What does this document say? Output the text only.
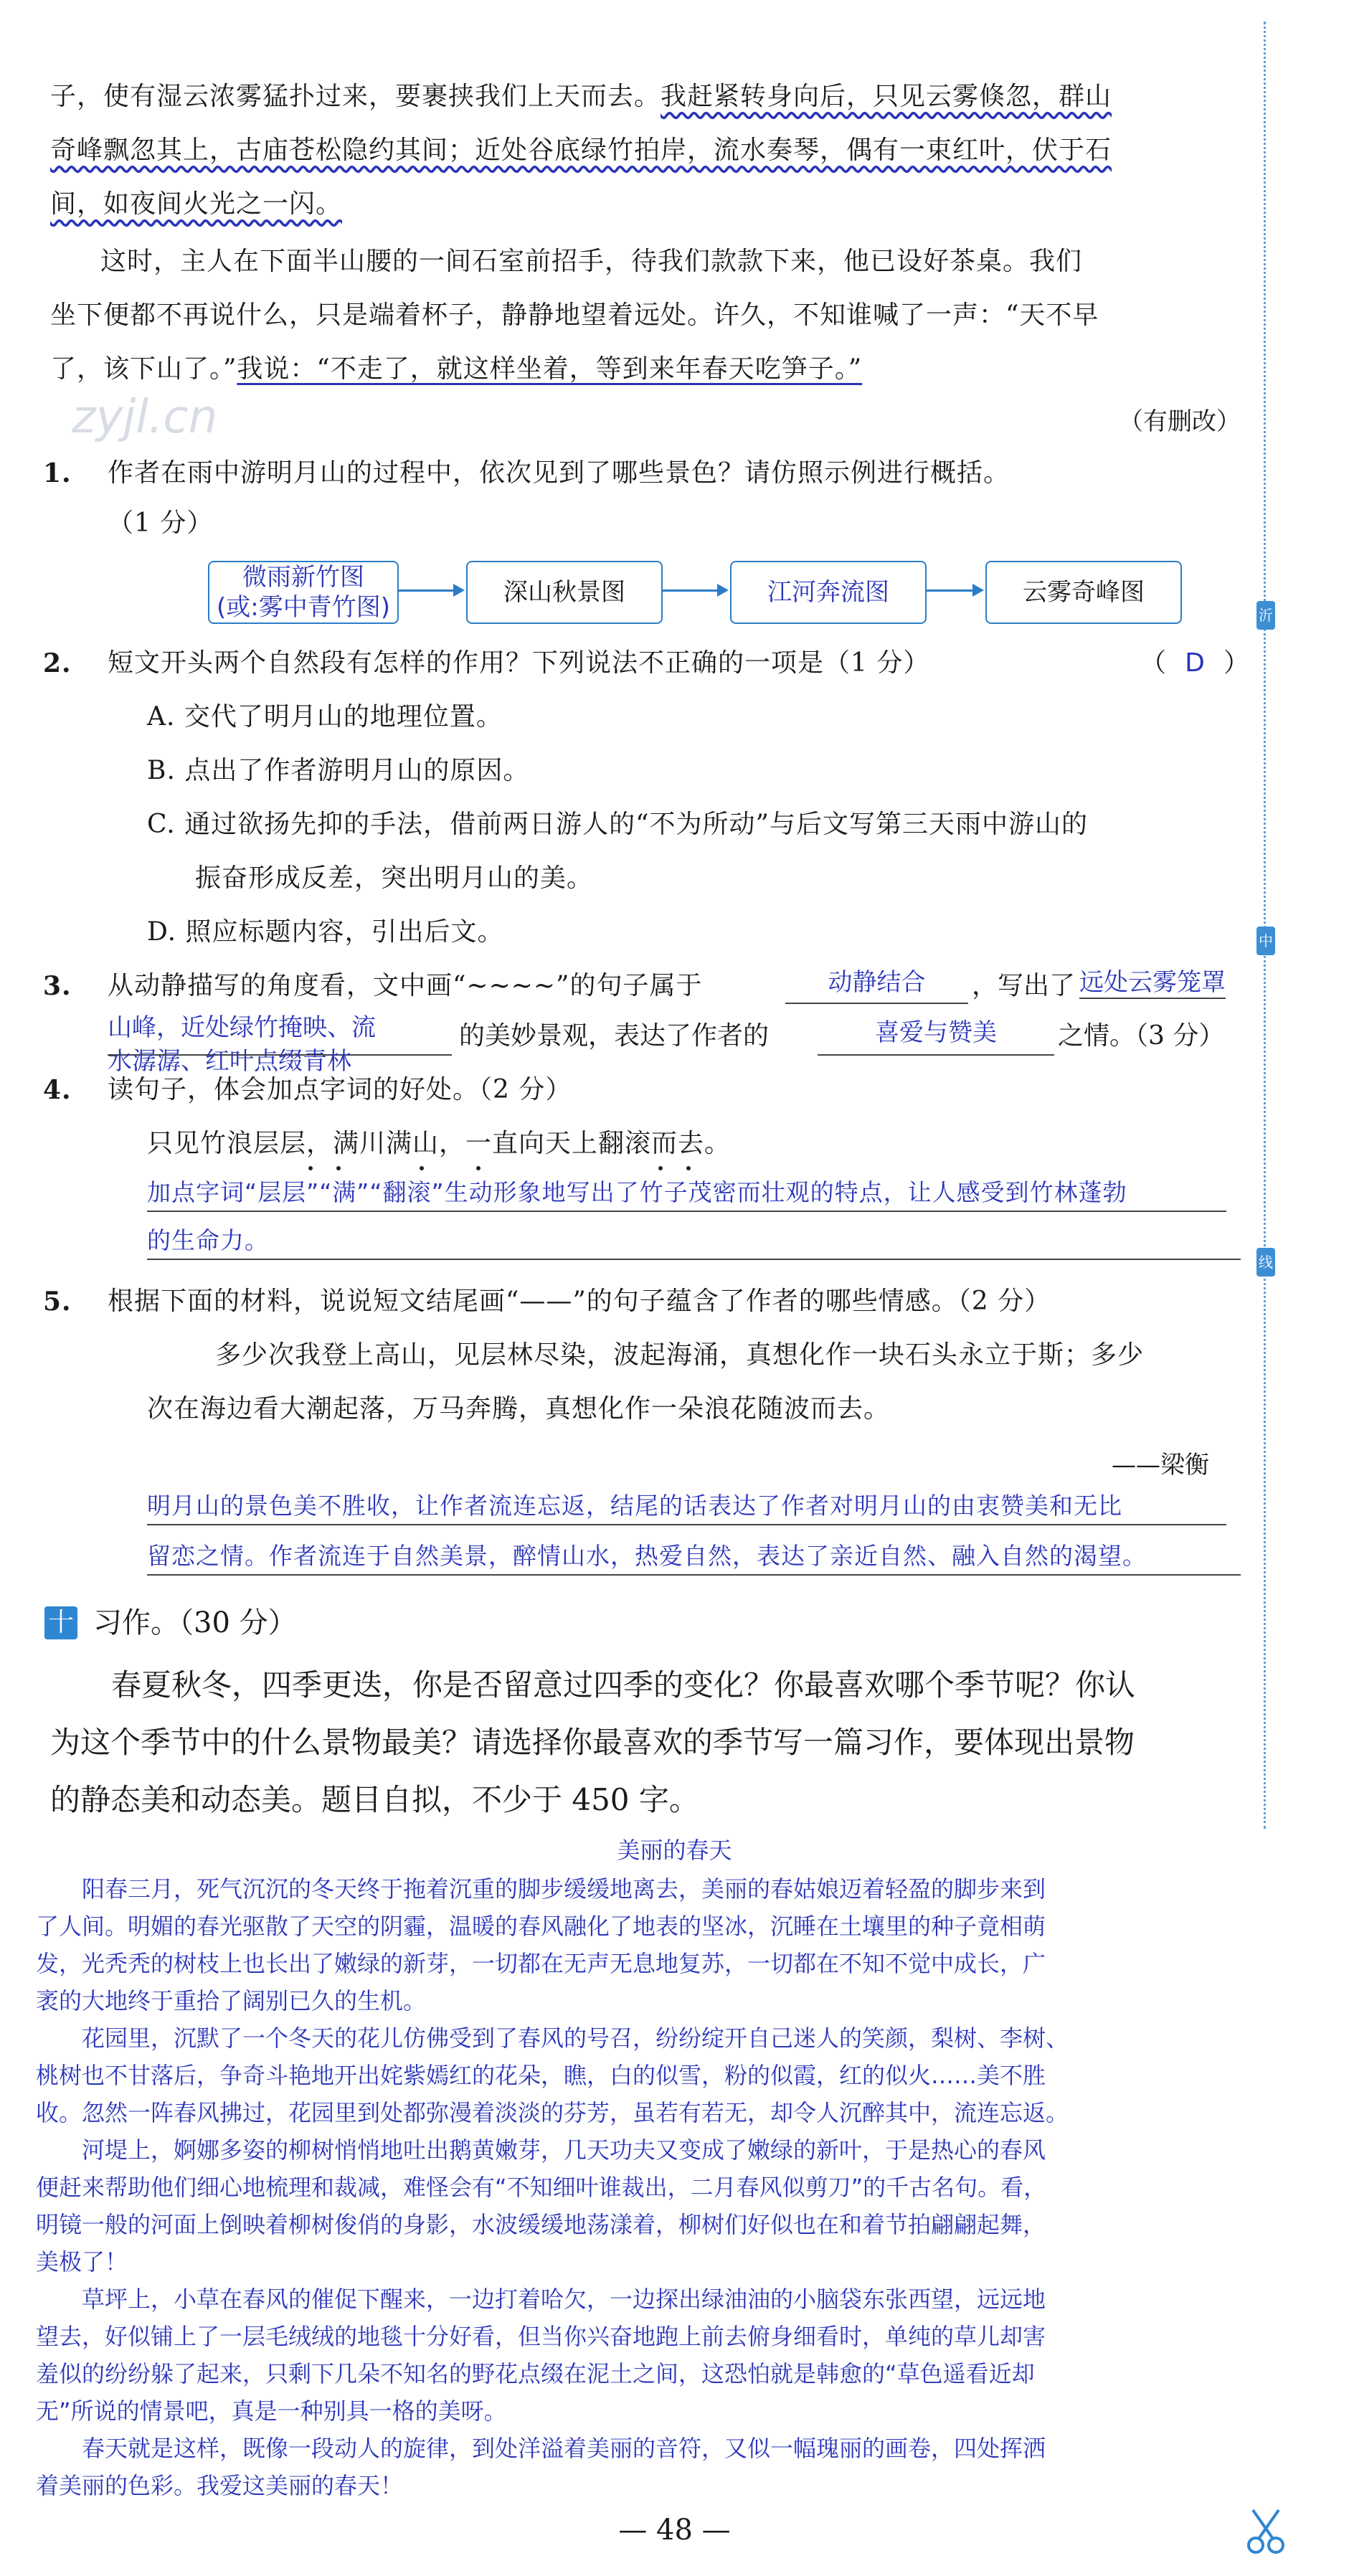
沂
中
线
zyjl.cn
子，使有湿云浓雾猛扑过来，要裹挟我们上天而去。我赶紧转身向后，只见云雾倏忽，群山
奇峰飘忽其上，古庙苍松隐约其间；近处谷底绿竹拍岸，流水奏琴，偶有一束红叶，伏于石
间，如夜间火光之一闪。
这时，主人在下面半山腰的一间石室前招手，待我们款款下来，他已设好茶桌。我们
坐下便都不再说什么，只是端着杯子，静静地望着远处。许久，不知谁喊了一声：“天不早
了，该下山了。”我说：“不走了，就这样坐着，等到来年春天吃笋子。”
（有删改）
1. 作者在雨中游明月山的过程中，依次见到了哪些景色？请仿照示例进行概括。
（1 分）
微雨新竹图
(或:雾中青竹图)
深山秋景图	江河奔流图	云雾奇峰图
2. 短文开头两个自然段有怎样的作用？下列说法不正确的一项是（1 分）	（ D ）
A. 交代了明月山的地理位置。
B. 点出了作者游明月山的原因。
C. 通过欲扬先抑的手法，借前两日游人的“不为所动”与后文写第三天雨中游山的
振奋形成反差，突出明月山的美。
D. 照应标题内容，引出后文。
3. 从动静描写的角度看，文中画“~~~~”的句子属于	动静结合	，写出了 远处云雾笼罩
山峰，近处绿竹掩映、流
水潺潺、红叶点缀青林
的美妙景观，表达了作者的	喜爱与赞美	之情。（3 分）
4. 读句子，体会加点字词的好处。（2 分）
只见竹浪层层，满川满山，一直向天上翻滚而去。
加点字词“层层”“满”“翻滚”生动形象地写出了竹子茂密而壮观的特点，让人感受到竹林蓬勃
的生命力。
5. 根据下面的材料，说说短文结尾画“——”的句子蕴含了作者的哪些情感。（2 分）
多少次我登上高山，见层林尽染，波起海涌，真想化作一块石头永立于斯；多少
次在海边看大潮起落，万马奔腾，真想化作一朵浪花随波而去。
——梁衡
明月山的景色美不胜收，让作者流连忘返，结尾的话表达了作者对明月山的由衷赞美和无比
留恋之情。作者流连于自然美景，醉情山水，热爱自然，表达了亲近自然、融入自然的渴望。
十 习作。（30 分）
春夏秋冬，四季更迭，你是否留意过四季的变化？你最喜欢哪个季节呢？你认
为这个季节中的什么景物最美？请选择你最喜欢的季节写一篇习作，要体现出景物
的静态美和动态美。题目自拟，不少于 450 字。
美丽的春天
　　阳春三月，死气沉沉的冬天终于拖着沉重的脚步缓缓地离去，美丽的春姑娘迈着轻盈的脚步来到
了人间。明媚的春光驱散了天空的阴霾，温暖的春风融化了地表的坚冰，沉睡在土壤里的种子竟相萌
发，光秃秃的树枝上也长出了嫩绿的新芽，一切都在无声无息地复苏，一切都在不知不觉中成长，广
袤的大地终于重拾了阔别已久的生机。
　　花园里，沉默了一个冬天的花儿仿佛受到了春风的号召，纷纷绽开自己迷人的笑颜，梨树、李树、
桃树也不甘落后，争奇斗艳地开出姹紫嫣红的花朵，瞧，白的似雪，粉的似霞，红的似火……美不胜
收。忽然一阵春风拂过，花园里到处都弥漫着淡淡的芬芳，虽若有若无，却令人沉醉其中，流连忘返。
　　河堤上，婀娜多姿的柳树悄悄地吐出鹅黄嫩芽，几天功夫又变成了嫩绿的新叶，于是热心的春风
便赶来帮助他们细心地梳理和裁减，难怪会有“不知细叶谁裁出，二月春风似剪刀”的千古名句。看，
明镜一般的河面上倒映着柳树俊俏的身影，水波缓缓地荡漾着，柳树们好似也在和着节拍翩翩起舞，
美极了！
　　草坪上，小草在春风的催促下醒来，一边打着哈欠，一边探出绿油油的小脑袋东张西望，远远地
望去，好似铺上了一层毛绒绒的地毯十分好看，但当你兴奋地跑上前去俯身细看时，单纯的草儿却害
羞似的纷纷躲了起来，只剩下几朵不知名的野花点缀在泥土之间，这恐怕就是韩愈的“草色遥看近却
无”所说的情景吧，真是一种别具一格的美呀。
　　春天就是这样，既像一段动人的旋律，到处洋溢着美丽的音符，又似一幅瑰丽的画卷，四处挥洒
着美丽的色彩。我爱这美丽的春天！
— 48 —
